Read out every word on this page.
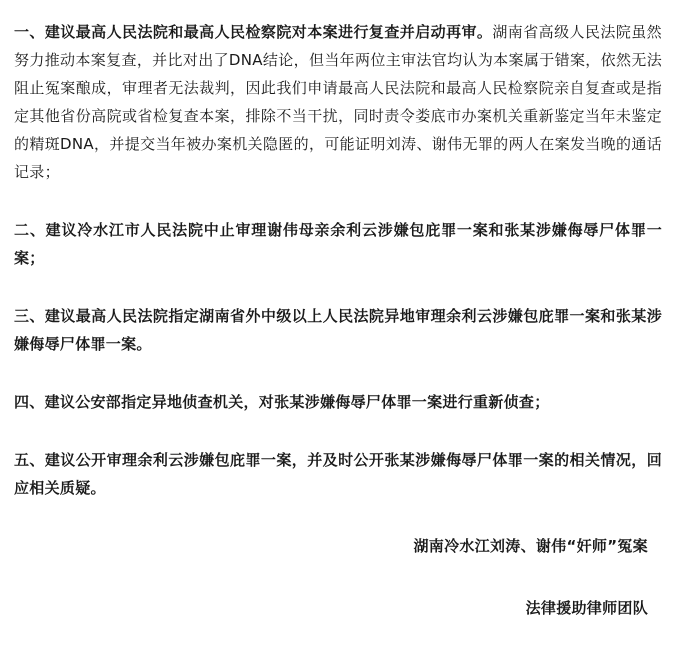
一、建议最高人民法院和最高人民检察院对本案进行复查并启动再审。湖南省高级人民法院虽然努力推动本案复查，并比对出了DNA结论，但当年两位主审法官均认为本案属于错案，依然无法阻止冤案酿成，审理者无法裁判，因此我们申请最高人民法院和最高人民检察院亲自复查或是指定其他省份高院或省检复查本案，排除不当干扰，同时责令娄底市办案机关重新鉴定当年未鉴定的精斑DNA，并提交当年被办案机关隐匿的，可能证明刘涛、谢伟无罪的两人在案发当晚的通话记录；

二、建议冷水江市人民法院中止审理谢伟母亲余利云涉嫌包庇罪一案和张某涉嫌侮辱尸体罪一案；

三、建议最高人民法院指定湖南省外中级以上人民法院异地审理余利云涉嫌包庇罪一案和张某涉嫌侮辱尸体罪一案。

四、建议公安部指定异地侦查机关，对张某涉嫌侮辱尸体罪一案进行重新侦查；

五、建议公开审理余利云涉嫌包庇罪一案，并及时公开张某涉嫌侮辱尸体罪一案的相关情况，回应相关质疑。

湖南冷水江刘涛、谢伟“奸师”冤案

法律援助律师团队
